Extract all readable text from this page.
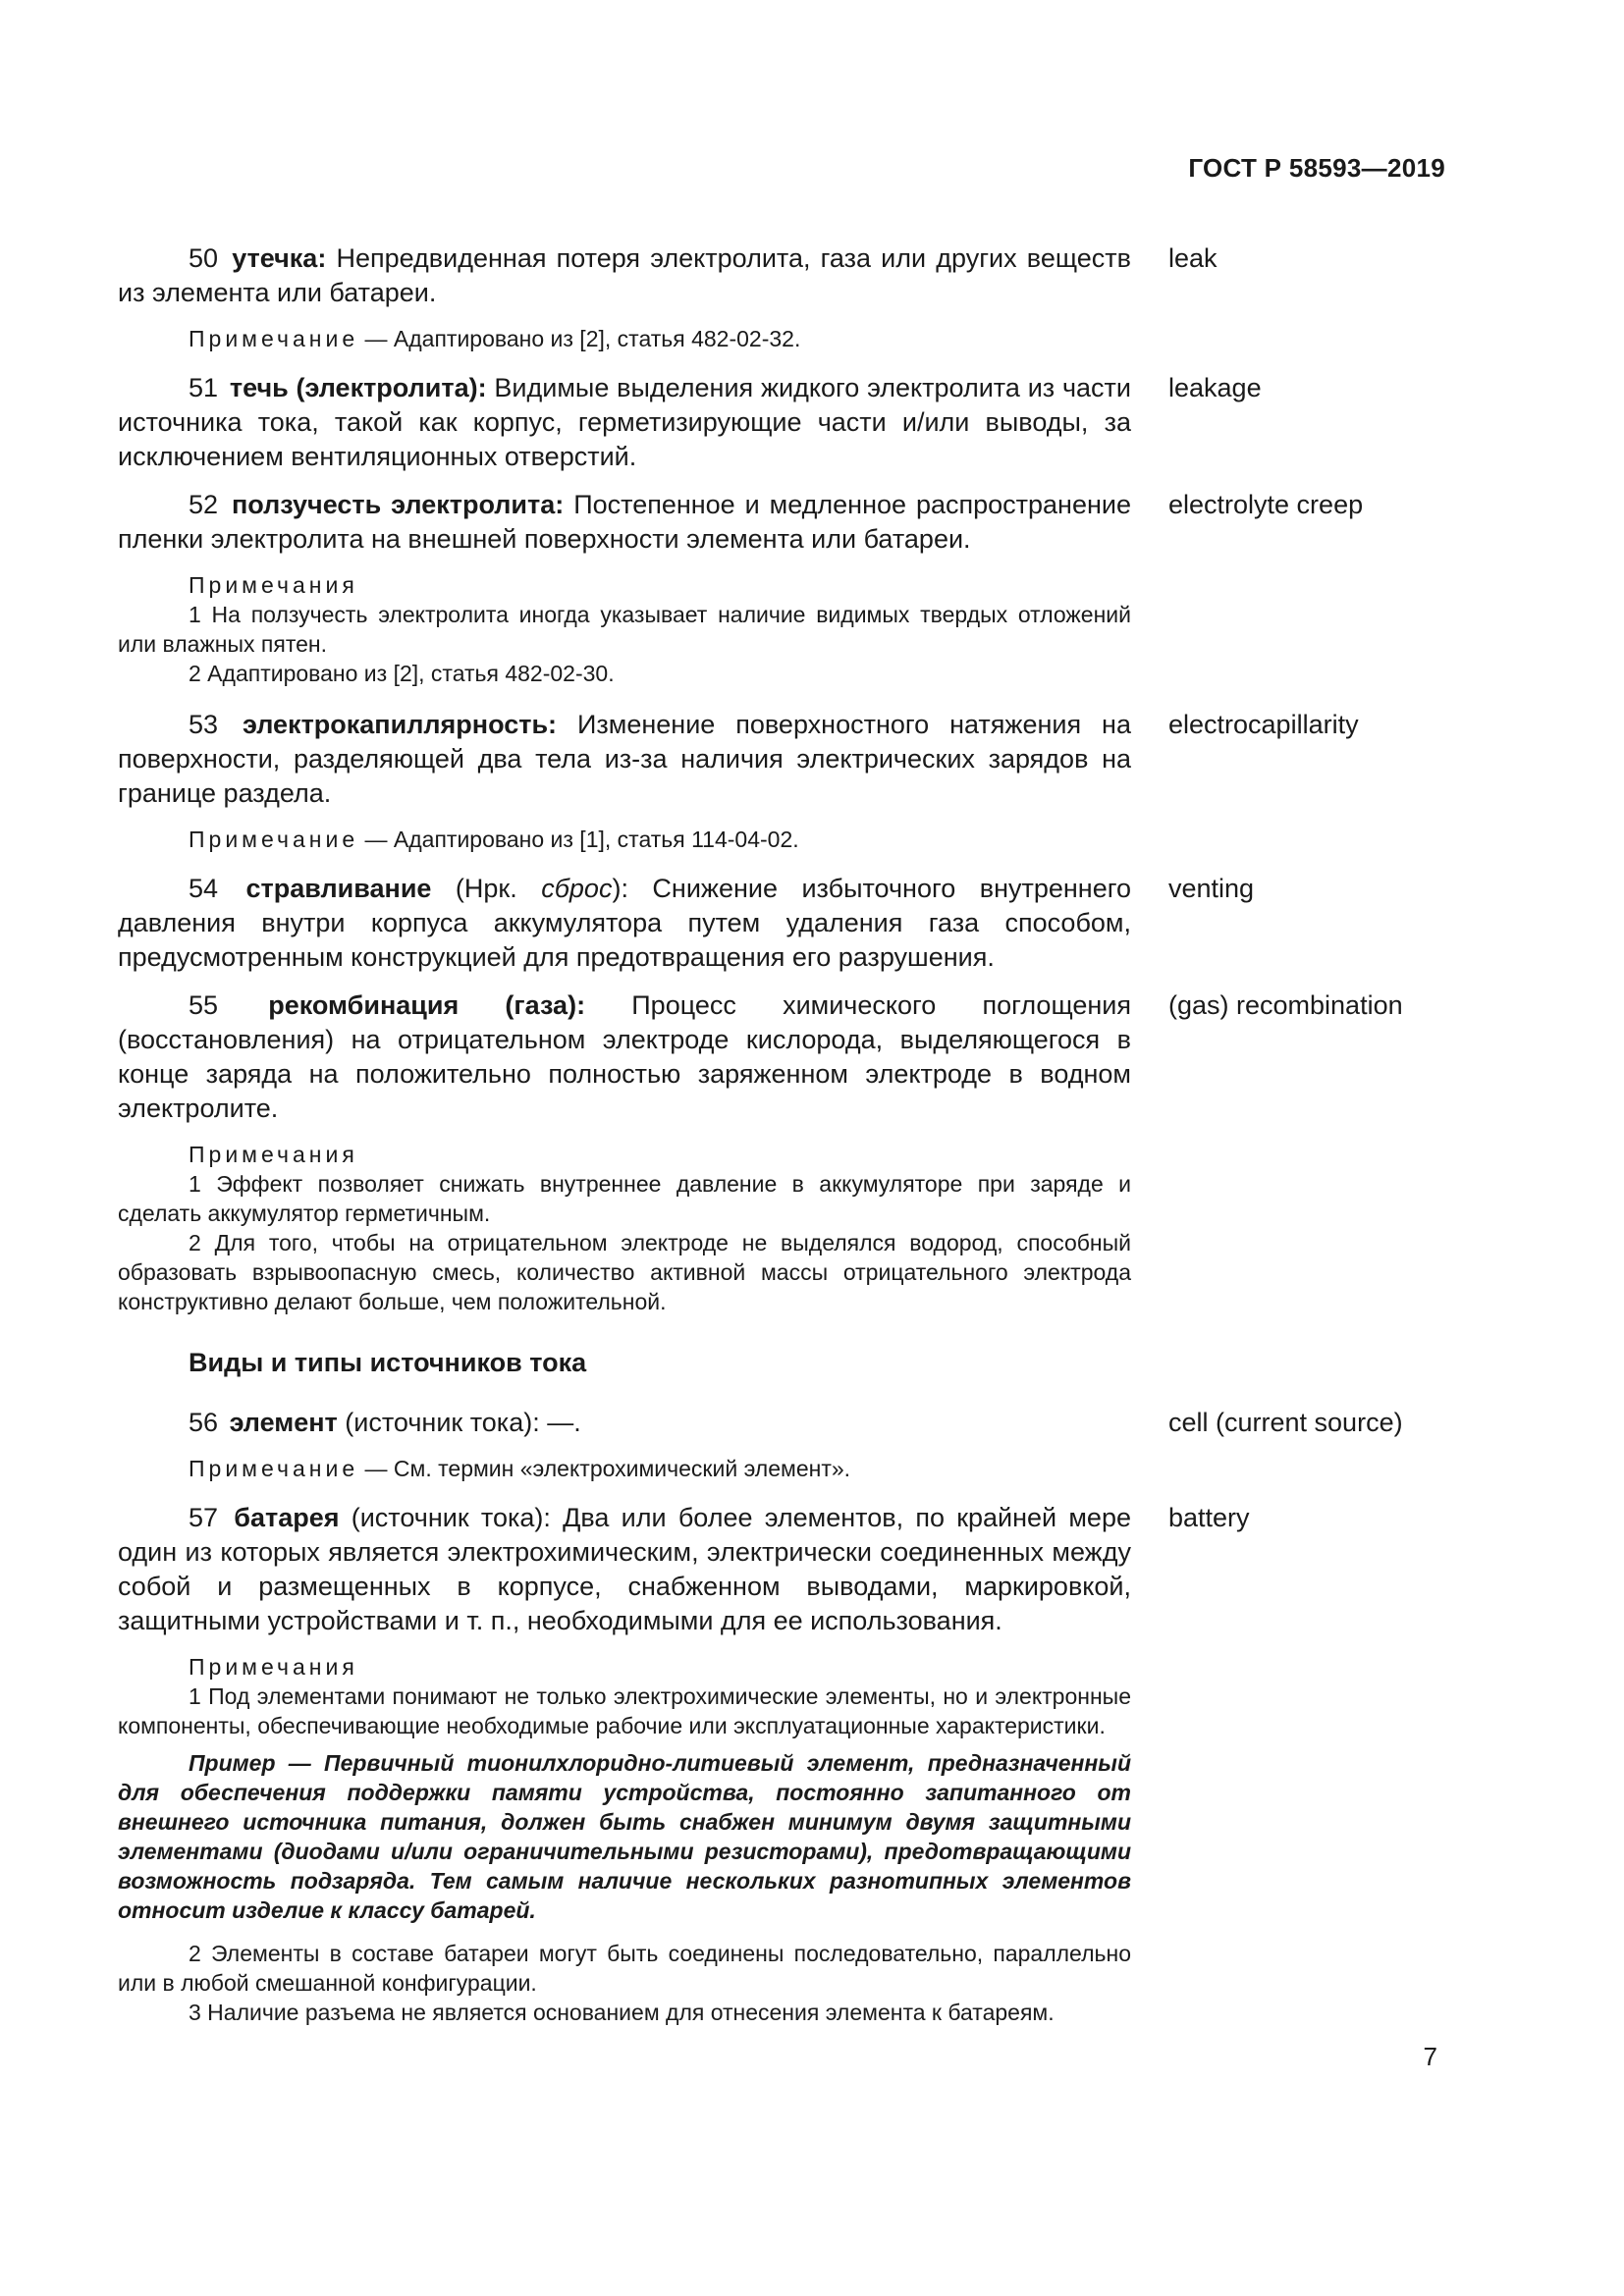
ГОСТ Р 58593—2019
50 утечка: Непредвиденная потеря электролита, газа или других веществ из элемента или батареи.
leak
Примечание — Адаптировано из [2], статья 482-02-32.
51 течь (электролита): Видимые выделения жидкого электролита из части источника тока, такой как корпус, герметизирующие части и/или выводы, за исключением вентиляционных отверстий.
leakage
52 ползучесть электролита: Постепенное и медленное распространение пленки электролита на внешней поверхности элемента или батареи.
electrolyte creep
Примечания

1 На ползучесть электролита иногда указывает наличие видимых твердых отложений или влажных пятен.

2 Адаптировано из [2], статья 482-02-30.

53 электрокапиллярность: Изменение поверхностного натяжения на поверхности, разделяющей два тела из-за наличия электрических зарядов на границе раздела.
electrocapillarity
Примечание — Адаптировано из [1], статья 114-04-02.
54 стравливание (Нрк. сброс): Снижение избыточного внутреннего давления внутри корпуса аккумулятора путем удаления газа способом, предусмотренным конструкцией для предотвращения его разрушения.
venting
55 рекомбинация (газа): Процесс химического поглощения (восстановления) на отрицательном электроде кислорода, выделяющегося в конце заряда на положительно полностью заряженном электроде в водном электролите.
(gas) recombination
Примечания

1 Эффект позволяет снижать внутреннее давление в аккумуляторе при заряде и сделать аккумулятор герметичным.

2 Для того, чтобы на отрицательном электроде не выделялся водород, способный образовать взрывоопасную смесь, количество активной массы отрицательного электрода конструктивно делают больше, чем положительной.

Виды и типы источников тока
56 элемент (источник тока): —.	cell (current source)
Примечание — См. термин «электрохимический элемент».
57 батарея (источник тока): Два или более элементов, по крайней мере один из которых является электрохимическим, электрически соединенных между собой и размещенных в корпусе, снабженном выводами, маркировкой, защитными устройствами и т. п., необходимыми для ее использования.
battery
Примечания

1 Под элементами понимают не только электрохимические элементы, но и электронные компоненты, обеспечивающие необходимые рабочие или эксплуатационные характеристики.

Пример — Первичный тионилхлоридно-литиевый элемент, предназначенный для обеспечения поддержки памяти устройства, постоянно запитанного от внешнего источника питания, должен быть снабжен минимум двумя защитными элементами (диодами и/или ограничительными резисторами), предотвращающими возможность подзаряда. Тем самым наличие нескольких разнотипных элементов относит изделие к классу батарей.

2 Элементы в составе батареи могут быть соединены последовательно, параллельно или в любой смешанной конфигурации.

3 Наличие разъема не является основанием для отнесения элемента к батареям.

7
